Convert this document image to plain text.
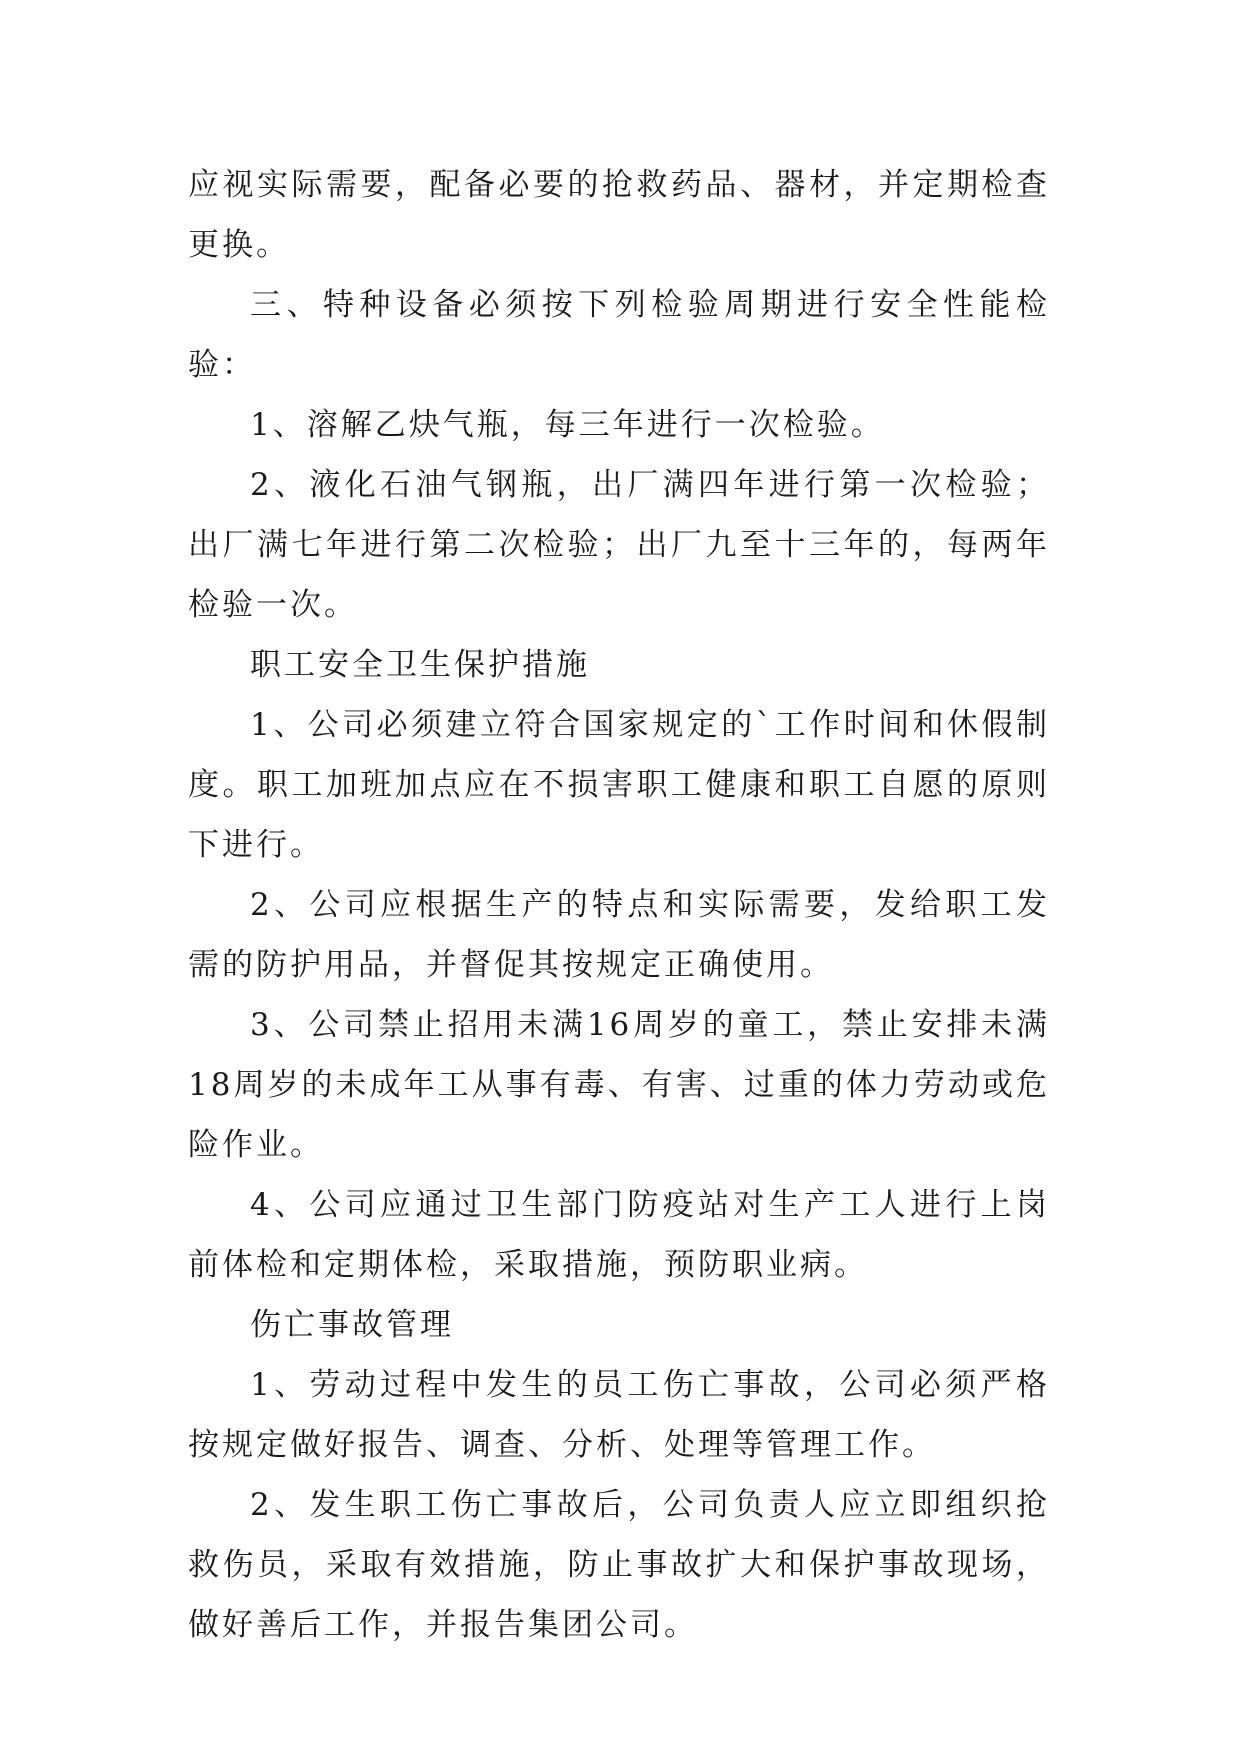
应视实际需要，配备必要的抢救药品、器材，并定期检查更换。

三、特种设备必须按下列检验周期进行安全性能检验：

1、溶解乙炔气瓶，每三年进行一次检验。

2、液化石油气钢瓶，出厂满四年进行第一次检验；出厂满七年进行第二次检验；出厂九至十三年的，每两年检验一次。

职工安全卫生保护措施

1、公司必须建立符合国家规定的`工作时间和休假制度。职工加班加点应在不损害职工健康和职工自愿的原则下进行。

2、公司应根据生产的特点和实际需要，发给职工发需的防护用品，并督促其按规定正确使用。

3、公司禁止招用未满16周岁的童工，禁止安排未满18周岁的未成年工从事有毒、有害、过重的体力劳动或危险作业。

4、公司应通过卫生部门防疫站对生产工人进行上岗前体检和定期体检，采取措施，预防职业病。

伤亡事故管理

1、劳动过程中发生的员工伤亡事故，公司必须严格按规定做好报告、调查、分析、处理等管理工作。

2、发生职工伤亡事故后，公司负责人应立即组织抢救伤员，采取有效措施，防止事故扩大和保护事故现场，做好善后工作，并报告集团公司。
